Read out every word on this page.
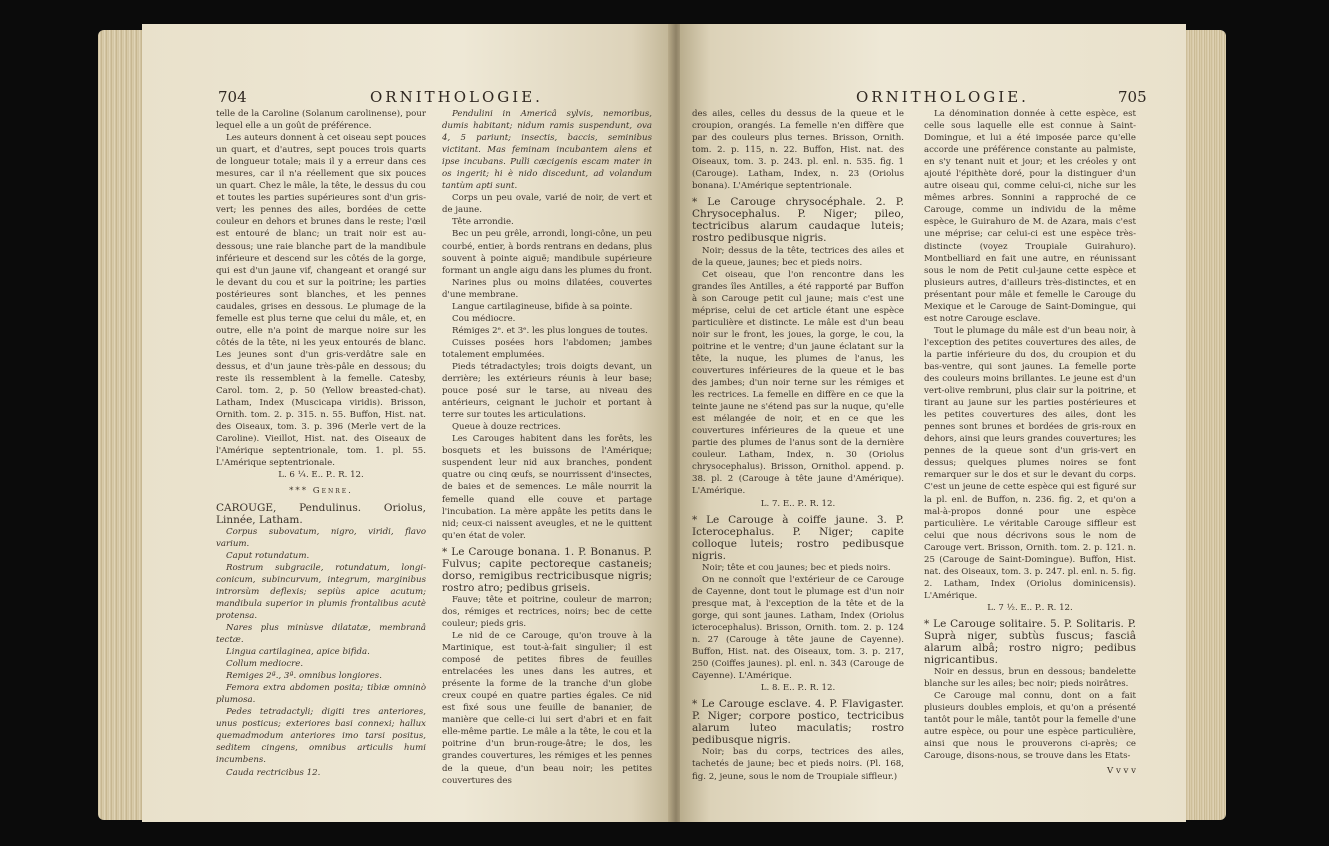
704	ORNITHOLOGIE.

telle de la Caroline (Solanum carolinense), pour lequel elle a un goût de préférence.

Les auteurs donnent à cet oiseau sept pouces un quart, et d'autres, sept pouces trois quarts de longueur totale; mais il y a erreur dans ces mesures, car il n'a réellement que six pouces un quart. Chez le mâle, la tête, le dessus du cou et toutes les parties supérieures sont d'un gris-vert; les pennes des ailes, bordées de cette couleur en dehors et brunes dans le reste; l'œil est entouré de blanc; un trait noir est au-dessous; une raie blanche part de la mandibule inférieure et descend sur les côtés de la gorge, qui est d'un jaune vif, changeant et orangé sur le devant du cou et sur la poitrine; les parties postérieures sont blanches, et les pennes caudales, grises en dessous. Le plumage de la femelle est plus terne que celui du mâle, et, en outre, elle n'a point de marque noire sur les côtés de la tête, ni les yeux entourés de blanc. Les jeunes sont d'un gris-verdâtre sale en dessus, et d'un jaune très-pâle en dessous; du reste ils ressemblent à la femelle. Catesby, Carol. tom. 2, p. 50 (Yellow breasted-chat). Latham, Index (Muscicapa viridis). Brisson, Ornith. tom. 2. p. 315. n. 55. Buffon, Hist. nat. des Oiseaux, tom. 3. p. 396 (Merle vert de la Caroline). Vieillot, Hist. nat. des Oiseaux de l'Amérique septentrionale, tom. 1. pl. 55. L'Amérique septentrionale.

L. 6 ¼. E.. P.. R. 12.

*** Genre.

CAROUGE, Pendulinus. Oriolus, Linnée, Latham.

Corpus subovatum, nigro, viridi, flavo varium.

Caput rotundatum.

Rostrum subgracile, rotundatum, longi-conicum, subincurvum, integrum, marginibus introrsùm deflexis; sepiùs apice acutum; mandibula superior in plumis frontalibus acutè protensa.

Nares plus minùsve dilatatæ, membranâ tectæ.

Lingua cartilaginea, apice bifida.

Collum mediocre.

Remiges 2ª., 3ª. omnibus longiores.

Femora extra abdomen posita; tibiæ omninò plumosa.

Pedes tetradactyli; digiti tres anteriores, unus posticus; exteriores basi connexi; hallux quemadmodum anteriores imo tarsi positus, seditem cingens, omnibus articulis humi incumbens.

Cauda rectricibus 12.

Pendulini in Americâ sylvis, nemoribus, dumis habitant; nidum ramis suspendunt, ova 4, 5 pariunt; insectis, baccis, seminibus victitant. Mas feminam incubantem alens et ipse incubans. Pulli cæcigenis escam mater in os ingerit; hi è nido discedunt, ad volandum tantùm apti sunt.

Corps un peu ovale, varié de noir, de vert et de jaune.

Tête arrondie.

Bec un peu grêle, arrondi, longi-cône, un peu courbé, entier, à bords rentrans en dedans, plus souvent à pointe aiguë; mandibule supérieure formant un angle aigu dans les plumes du front.

Narines plus ou moins dilatées, couvertes d'une membrane.

Langue cartilagineuse, bifide à sa pointe.

Cou médiocre.

Rémiges 2ᵉ. et 3ᵉ. les plus longues de toutes.

Cuisses posées hors l'abdomen; jambes totalement emplumées.

Pieds tétradactyles; trois doigts devant, un derrière; les extérieurs réunis à leur base; pouce posé sur le tarse, au niveau des antérieurs, ceignant le juchoir et portant à terre sur toutes les articulations.

Queue à douze rectrices.

Les Carouges habitent dans les forêts, les bosquets et les buissons de l'Amérique; suspendent leur nid aux branches, pondent quatre ou cinq œufs, se nourrissent d'insectes, de baies et de semences. Le mâle nourrit la femelle quand elle couve et partage l'incubation. La mère appâte les petits dans le nid; ceux-ci naissent aveugles, et ne le quittent qu'en état de voler.

* Le Carouge bonana. 1. P. Bonanus. P. Fulvus; capite pectoreque castaneis; dorso, remigibus rectricibusque nigris; rostro atro; pedibus griseis.

Fauve; tête et poitrine, couleur de marron; dos, rémiges et rectrices, noirs; bec de cette couleur; pieds gris.

Le nid de ce Carouge, qu'on trouve à la Martinique, est tout-à-fait singulier; il est composé de petites fibres de feuilles entrelacées les unes dans les autres, et présente la forme de la tranche d'un globe creux coupé en quatre parties égales. Ce nid est fixé sous une feuille de bananier, de manière que celle-ci lui sert d'abri et en fait elle-même partie. Le mâle a la tête, le cou et la poitrine d'un brun-rouge-âtre; le dos, les grandes couvertures, les rémiges et les pennes de la queue, d'un beau noir; les petites couvertures des

ORNITHOLOGIE.	705

des ailes, celles du dessus de la queue et le croupion, orangés. La femelle n'en diffère que par des couleurs plus ternes. Brisson, Ornith. tom. 2. p. 115, n. 22. Buffon, Hist. nat. des Oiseaux, tom. 3. p. 243. pl. enl. n. 535. fig. 1 (Carouge). Latham, Index, n. 23 (Oriolus bonana). L'Amérique septentrionale.

* Le Carouge chrysocéphale. 2. P. Chrysocephalus. P. Niger; pileo, tectricibus alarum caudaque luteis; rostro pedibusque nigris.

Noir; dessus de la tête, tectrices des ailes et de la queue, jaunes; bec et pieds noirs.

Cet oiseau, que l'on rencontre dans les grandes îles Antilles, a été rapporté par Buffon à son Carouge petit cul jaune; mais c'est une méprise, celui de cet article étant une espèce particulière et distincte. Le mâle est d'un beau noir sur le front, les joues, la gorge, le cou, la poitrine et le ventre; d'un jaune éclatant sur la tête, la nuque, les plumes de l'anus, les couvertures inférieures de la queue et le bas des jambes; d'un noir terne sur les rémiges et les rectrices. La femelle en diffère en ce que la teinte jaune ne s'étend pas sur la nuque, qu'elle est mélangée de noir, et en ce que les couvertures inférieures de la queue et une partie des plumes de l'anus sont de la dernière couleur. Latham, Index, n. 30 (Oriolus chrysocephalus). Brisson, Ornithol. append. p. 38. pl. 2 (Carouge à tête jaune d'Amérique). L'Amérique.

L. 7. E.. P.. R. 12.

* Le Carouge à coiffe jaune. 3. P. Icterocephalus. P. Niger; capite colloque luteis; rostro pedibusque nigris.

Noir; tête et cou jaunes; bec et pieds noirs.

On ne connoît que l'extérieur de ce Carouge de Cayenne, dont tout le plumage est d'un noir presque mat, à l'exception de la tête et de la gorge, qui sont jaunes. Latham, Index (Oriolus icterocephalus). Brisson, Ornith. tom. 2. p. 124 n. 27 (Carouge à tête jaune de Cayenne). Buffon, Hist. nat. des Oiseaux, tom. 3. p. 217, 250 (Coiffes jaunes). pl. enl. n. 343 (Carouge de Cayenne). L'Amérique.

L. 8. E.. P.. R. 12.

* Le Carouge esclave. 4. P. Flavigaster. P. Niger; corpore postico, tectricibus alarum luteo maculatis; rostro pedibusque nigris.

Noir; bas du corps, tectrices des ailes, tachetés de jaune; bec et pieds noirs. (Pl. 168, fig. 2, jeune, sous le nom de Troupiale siffleur.)

La dénomination donnée à cette espèce, est celle sous laquelle elle est connue à Saint-Domingue, et lui a été imposée parce qu'elle accorde une préférence constante au palmiste, en s'y tenant nuit et jour; et les créoles y ont ajouté l'épithète doré, pour la distinguer d'un autre oiseau qui, comme celui-ci, niche sur les mêmes arbres. Sonnini a rapproché de ce Carouge, comme un individu de la même espèce, le Guirahuro de M. de Azara, mais c'est une méprise; car celui-ci est une espèce très-distincte (voyez Troupiale Guirahuro). Montbelliard en fait une autre, en réunissant sous le nom de Petit cul-jaune cette espèce et plusieurs autres, d'ailleurs très-distinctes, et en présentant pour mâle et femelle le Carouge du Mexique et le Carouge de Saint-Domingue, qui est notre Carouge esclave.

Tout le plumage du mâle est d'un beau noir, à l'exception des petites couvertures des ailes, de la partie inférieure du dos, du croupion et du bas-ventre, qui sont jaunes. La femelle porte des couleurs moins brillantes. Le jeune est d'un vert-olive rembruni, plus clair sur la poitrine, et tirant au jaune sur les parties postérieures et les petites couvertures des ailes, dont les pennes sont brunes et bordées de gris-roux en dehors, ainsi que leurs grandes couvertures; les pennes de la queue sont d'un gris-vert en dessus; quelques plumes noires se font remarquer sur le dos et sur le devant du corps. C'est un jeune de cette espèce qui est figuré sur la pl. enl. de Buffon, n. 236. fig. 2, et qu'on a mal-à-propos donné pour une espèce particulière. Le véritable Carouge siffleur est celui que nous décrivons sous le nom de Carouge vert. Brisson, Ornith. tom. 2. p. 121. n. 25 (Carouge de Saint-Domingue). Buffon, Hist. nat. des Oiseaux, tom. 3. p. 247. pl. enl. n. 5. fig. 2. Latham, Index (Oriolus dominicensis). L'Amérique.

L. 7 ½. E.. P.. R. 12.

* Le Carouge solitaire. 5. P. Solitaris. P. Suprà niger, subtùs fuscus; fasciâ alarum albâ; rostro nigro; pedibus nigricantibus.

Noir en dessus, brun en dessous; bandelette blanche sur les ailes; bec noir; pieds noirâtres.

Ce Carouge mal connu, dont on a fait plusieurs doubles emplois, et qu'on a présenté tantôt pour le mâle, tantôt pour la femelle d'une autre espèce, ou pour une espèce particulière, ainsi que nous le prouverons ci-après; ce Carouge, disons-nous, se trouve dans les Etats-

V v v v
